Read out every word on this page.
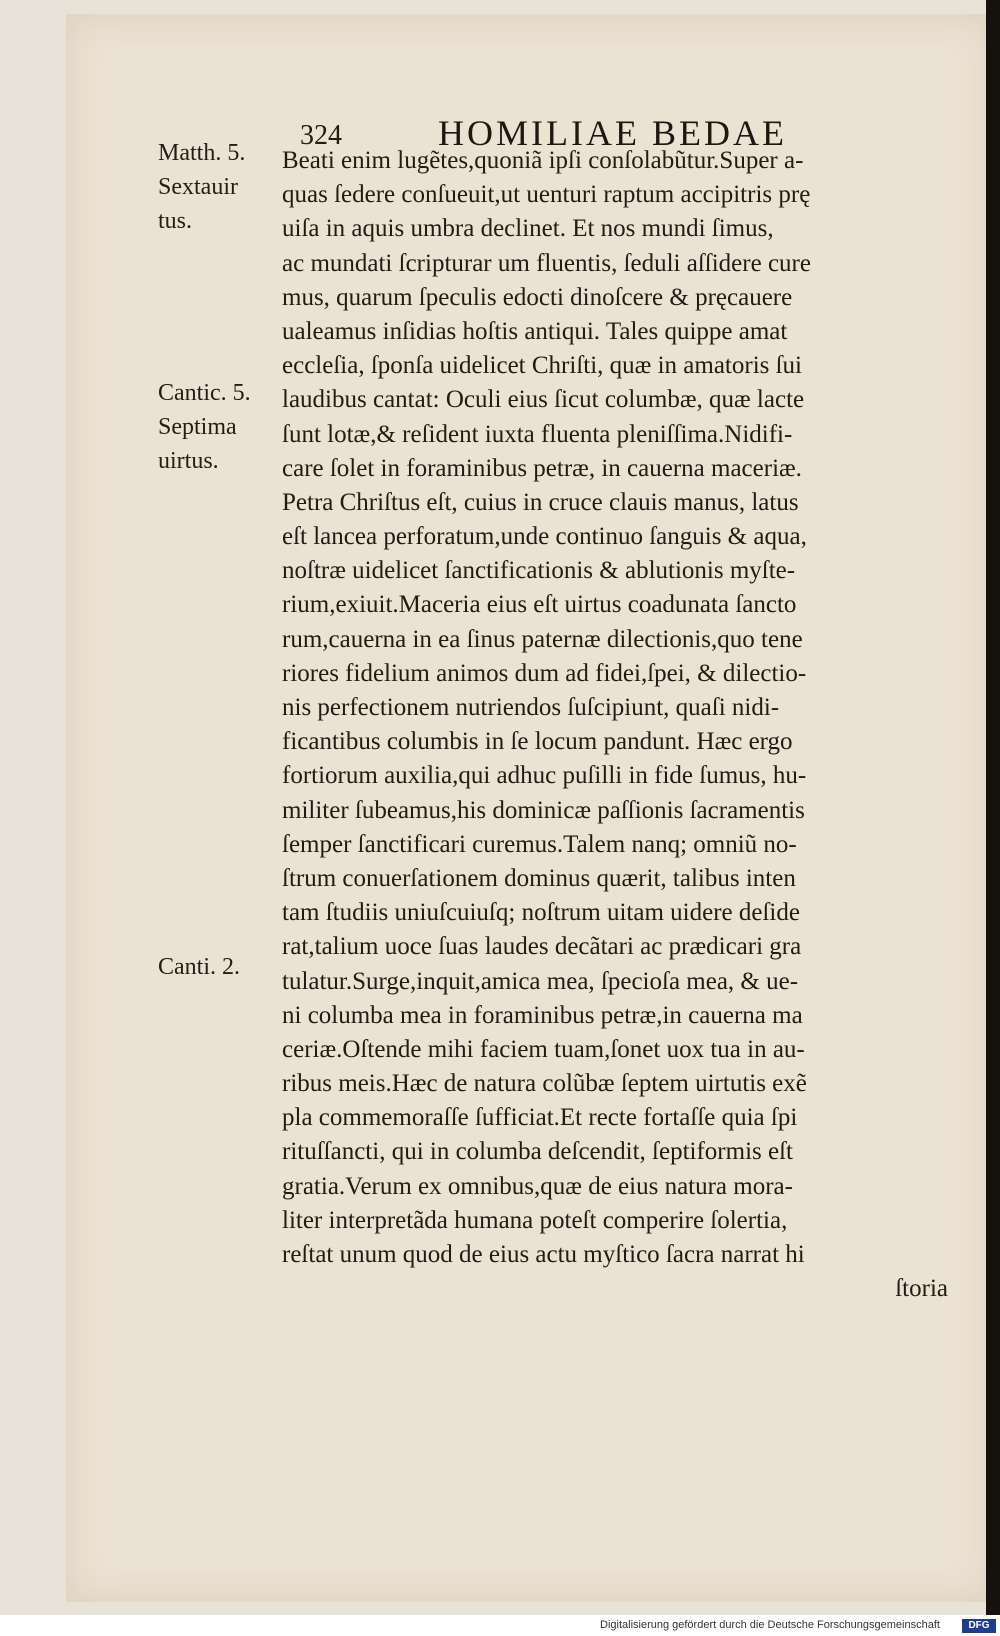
324	HOMILIAE BEDAE
Matth. 5.
Sextauir
tus.
Cantic. 5.
Septima
uirtus.
Canti. 2.
Beati enim lugẽtes,quoniã ipſi conſolabũtur.Super a-
quas ſedere conſueuit,ut uenturi raptum accipitris prę
uiſa in aquis umbra declinet. Et nos mundi ſimus,
ac mundati ſcripturar um fluentis, ſeduli aſſidere cure
mus, quarum ſpeculis edocti dinoſcere & pręcauere
ualeamus inſidias hoſtis antiqui. Tales quippe amat
eccleſia, ſponſa uidelicet Chriſti, quæ in amatoris ſui
laudibus cantat: Oculi eius ſicut columbæ, quæ lacte
ſunt lotæ,& reſident iuxta fluenta pleniſſima.Nidifi-
care ſolet in foraminibus petræ, in cauerna maceriæ.
Petra Chriſtus eſt, cuius in cruce clauis manus, latus
eſt lancea perforatum,unde continuo ſanguis & aqua,
noſtræ uidelicet ſanctificationis & ablutionis myſte-
rium,exiuit.Maceria eius eſt uirtus coadunata ſancto
rum,cauerna in ea ſinus paternæ dilectionis,quo tene
riores fidelium animos dum ad fidei,ſpei, & dilectio-
nis perfectionem nutriendos ſuſcipiunt, quaſi nidi-
ficantibus columbis in ſe locum pandunt. Hæc ergo
fortiorum auxilia,qui adhuc puſilli in fide ſumus, hu-
militer ſubeamus,his dominicæ paſſionis ſacramentis
ſemper ſanctificari curemus.Talem nanq; omniũ no-
ſtrum conuerſationem dominus quærit, talibus inten
tam ſtudiis uniuſcuiuſq; noſtrum uitam uidere deſide
rat,talium uoce ſuas laudes decãtari ac prædicari gra
tulatur.Surge,inquit,amica mea, ſpecioſa mea, & ue-
ni columba mea in foraminibus petræ,in cauerna ma
ceriæ.Oſtende mihi faciem tuam,ſonet uox tua in au-
ribus meis.Hæc de natura colũbæ ſeptem uirtutis exẽ
pla commemoraſſe ſufficiat.Et recte fortaſſe quia ſpi
rituſſancti, qui in columba deſcendit, ſeptiformis eſt
gratia.Verum ex omnibus,quæ de eius natura mora-
liter interpretãda humana poteſt comperire ſolertia,
reſtat unum quod de eius actu myſtico ſacra narrat hi
ſtoria
Digitalisierung gefördert durch die Deutsche Forschungsgemeinschaft	DFG
